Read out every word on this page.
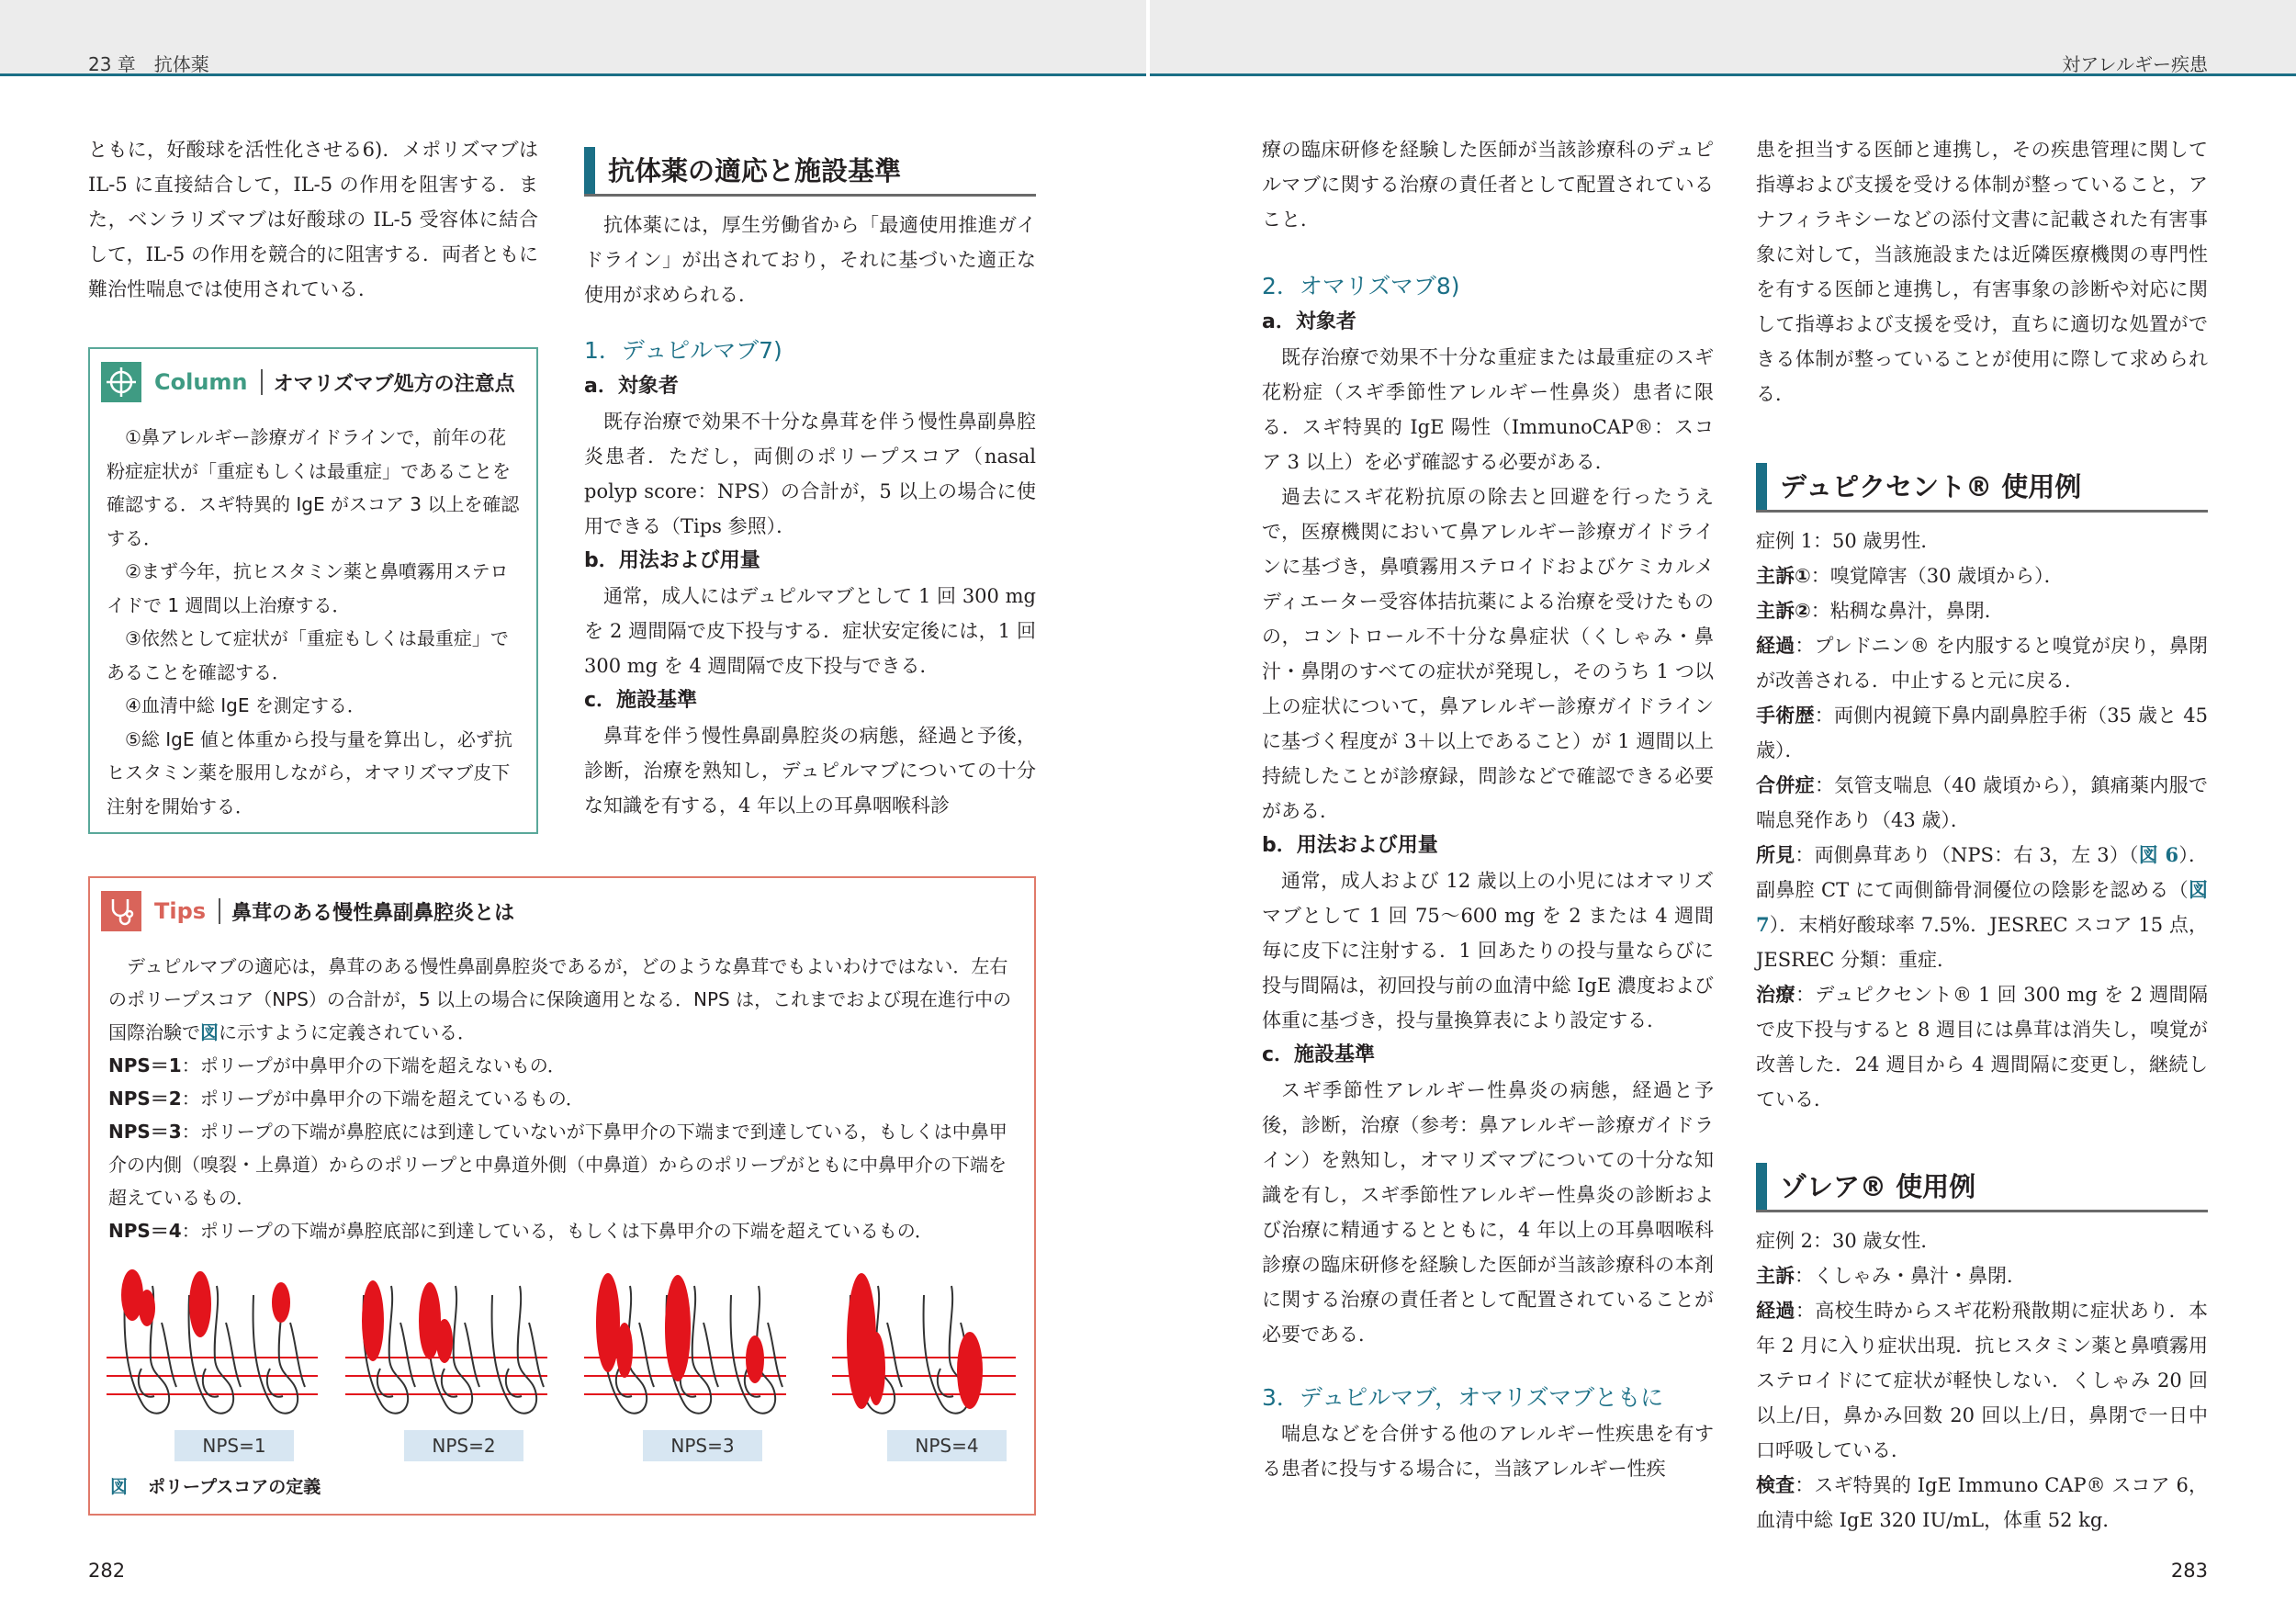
23 章　抗体薬	対アレルギー疾患

ともに，好酸球を活性化させる6)．メポリズマブは IL-5 に直接結合して，IL-5 の作用を阻害する．また，ベンラリズマブは好酸球の IL-5 受容体に結合して，IL-5 の作用を競合的に阻害する．両者ともに難治性喘息では使用されている．

Column	オマリズマブ処方の注意点

①鼻アレルギー診療ガイドラインで，前年の花粉症症状が「重症もしくは最重症」であることを確認する．スギ特異的 IgE がスコア 3 以上を確認する．

②まず今年，抗ヒスタミン薬と鼻噴霧用ステロイドで 1 週間以上治療する．

③依然として症状が「重症もしくは最重症」であることを確認する．

④血清中総 IgE を測定する．

⑤総 IgE 値と体重から投与量を算出し，必ず抗ヒスタミン薬を服用しながら，オマリズマブ皮下注射を開始する．

抗体薬の適応と施設基準

抗体薬には，厚生労働省から「最適使用推進ガイドライン」が出されており，それに基づいた適正な使用が求められる．

1．デュピルマブ7)

a．対象者

既存治療で効果不十分な鼻茸を伴う慢性鼻副鼻腔炎患者．ただし，両側のポリープスコア（nasal polyp score：NPS）の合計が，5 以上の場合に使用できる（Tips 参照）．

b．用法および用量

通常，成人にはデュピルマブとして 1 回 300 mg を 2 週間隔で皮下投与する．症状安定後には，1 回 300 mg を 4 週間隔で皮下投与できる．

c．施設基準

鼻茸を伴う慢性鼻副鼻腔炎の病態，経過と予後，診断，治療を熟知し，デュピルマブについての十分な知識を有する，4 年以上の耳鼻咽喉科診

Tips	鼻茸のある慢性鼻副鼻腔炎とは

デュピルマブの適応は，鼻茸のある慢性鼻副鼻腔炎であるが，どのような鼻茸でもよいわけではない．左右のポリープスコア（NPS）の合計が，5 以上の場合に保険適用となる．NPS は，これまでおよび現在進行中の国際治験で図に示すように定義されている．

NPS＝1：ポリープが中鼻甲介の下端を超えないもの．

NPS＝2：ポリープが中鼻甲介の下端を超えているもの．

NPS＝3：ポリープの下端が鼻腔底には到達していないが下鼻甲介の下端まで到達している，もしくは中鼻甲介の内側（嗅裂・上鼻道）からのポリープと中鼻道外側（中鼻道）からのポリープがともに中鼻甲介の下端を超えているもの．

NPS＝4：ポリープの下端が鼻腔底部に到達している，もしくは下鼻甲介の下端を超えているもの．

NPS=1	NPS=2	NPS=3	NPS=4
図 ポリープスコアの定義

療の臨床研修を経験した医師が当該診療科のデュピルマブに関する治療の責任者として配置されていること．

2．オマリズマブ8)

a．対象者

既存治療で効果不十分な重症または最重症のスギ花粉症（スギ季節性アレルギー性鼻炎）患者に限る．スギ特異的 IgE 陽性（ImmunoCAP®：スコア 3 以上）を必ず確認する必要がある．

過去にスギ花粉抗原の除去と回避を行ったうえで，医療機関において鼻アレルギー診療ガイドラインに基づき，鼻噴霧用ステロイドおよびケミカルメディエーター受容体拮抗薬による治療を受けたものの，コントロール不十分な鼻症状（くしゃみ・鼻汁・鼻閉のすべての症状が発現し，そのうち 1 つ以上の症状について，鼻アレルギー診療ガイドラインに基づく程度が 3＋以上であること）が 1 週間以上持続したことが診療録，問診などで確認できる必要がある．

b．用法および用量

通常，成人および 12 歳以上の小児にはオマリズマブとして 1 回 75～600 mg を 2 または 4 週間毎に皮下に注射する．1 回あたりの投与量ならびに投与間隔は，初回投与前の血清中総 IgE 濃度および体重に基づき，投与量換算表により設定する．

c．施設基準

スギ季節性アレルギー性鼻炎の病態，経過と予後，診断，治療（参考：鼻アレルギー診療ガイドライン）を熟知し，オマリズマブについての十分な知識を有し，スギ季節性アレルギー性鼻炎の診断および治療に精通するとともに，4 年以上の耳鼻咽喉科診療の臨床研修を経験した医師が当該診療科の本剤に関する治療の責任者として配置されていることが必要である．

3．デュピルマブ，オマリズマブともに

喘息などを合併する他のアレルギー性疾患を有する患者に投与する場合に，当該アレルギー性疾

患を担当する医師と連携し，その疾患管理に関して指導および支援を受ける体制が整っていること，アナフィラキシーなどの添付文書に記載された有害事象に対して，当該施設または近隣医療機関の専門性を有する医師と連携し，有害事象の診断や対応に関して指導および支援を受け，直ちに適切な処置ができる体制が整っていることが使用に際して求められる．

デュピクセント® 使用例

症例 1：50 歳男性．

主訴①：嗅覚障害（30 歳頃から）．

主訴②：粘稠な鼻汁，鼻閉．

経過：プレドニン® を内服すると嗅覚が戻り，鼻閉が改善される．中止すると元に戻る．

手術歴：両側内視鏡下鼻内副鼻腔手術（35 歳と 45 歳）．

合併症：気管支喘息（40 歳頃から），鎮痛薬内服で喘息発作あり（43 歳）．

所見：両側鼻茸あり（NPS：右 3，左 3）（図 6）．副鼻腔 CT にて両側篩骨洞優位の陰影を認める（図 7）．末梢好酸球率 7.5%．JESREC スコア 15 点，JESREC 分類：重症．

治療：デュピクセント® 1 回 300 mg を 2 週間隔で皮下投与すると 8 週目には鼻茸は消失し，嗅覚が改善した．24 週目から 4 週間隔に変更し，継続している．

ゾレア® 使用例

症例 2：30 歳女性．

主訴：くしゃみ・鼻汁・鼻閉．

経過：高校生時からスギ花粉飛散期に症状あり．本年 2 月に入り症状出現．抗ヒスタミン薬と鼻噴霧用ステロイドにて症状が軽快しない．くしゃみ 20 回以上/日，鼻かみ回数 20 回以上/日，鼻閉で一日中口呼吸している．

検査：スギ特異的 IgE Immuno CAP® スコア 6，血清中総 IgE 320 IU/mL，体重 52 kg．

282	283
